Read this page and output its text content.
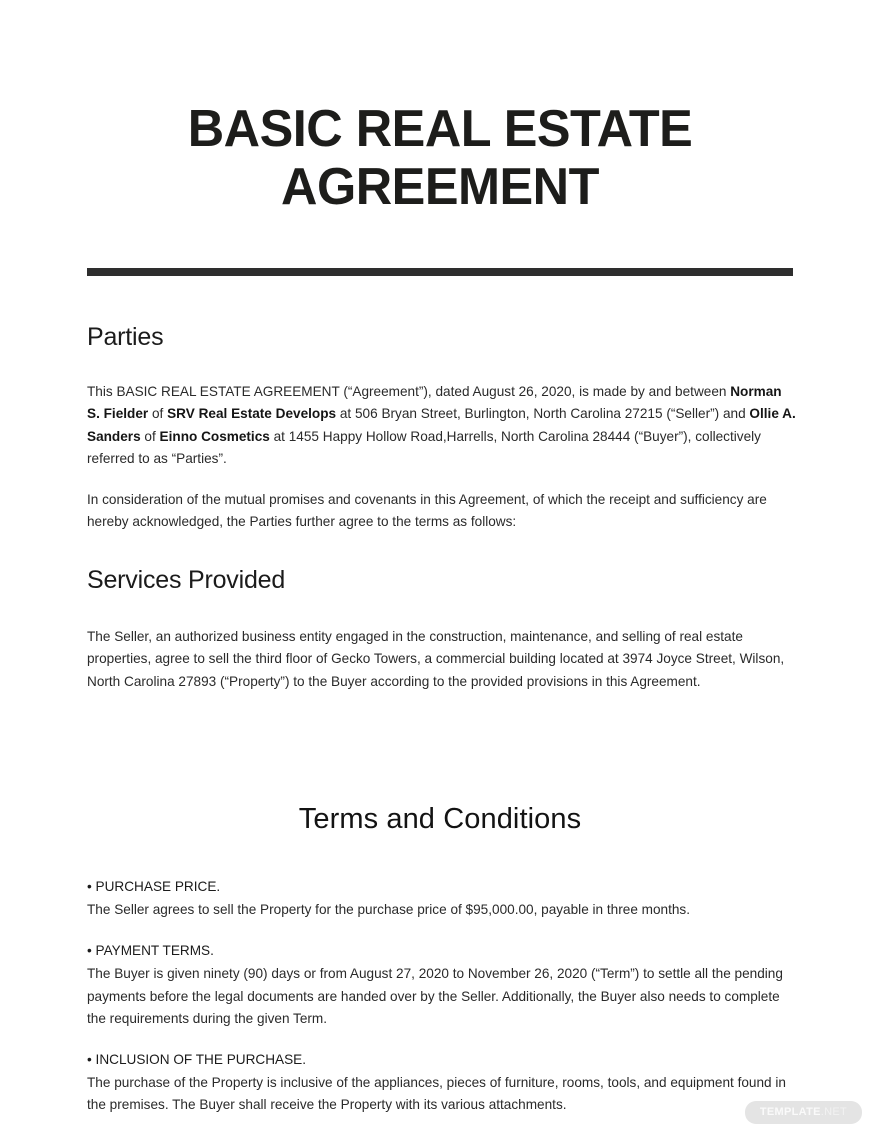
BASIC REAL ESTATE AGREEMENT
Parties

This BASIC REAL ESTATE AGREEMENT (“Agreement”), dated August 26, 2020, is made by and between Norman S. Fielder of SRV Real Estate Develops at 506 Bryan Street, Burlington, North Carolina 27215 (“Seller”) and Ollie A. Sanders of Einno Cosmetics at 1455 Happy Hollow Road,Harrells, North Carolina 28444 (“Buyer”), collectively referred to as “Parties”.

In consideration of the mutual promises and covenants in this Agreement, of which the receipt and sufficiency are hereby acknowledged, the Parties further agree to the terms as follows:

Services Provided

The Seller, an authorized business entity engaged in the construction, maintenance, and selling of real estate properties, agree to sell the third floor of Gecko Towers, a commercial building located at 3974 Joyce Street, Wilson, North Carolina 27893 (“Property”) to the Buyer according to the provided provisions in this Agreement.

Terms and Conditions

• PURCHASE PRICE.

The Seller agrees to sell the Property for the purchase price of $95,000.00, payable in three months.

• PAYMENT TERMS.

The Buyer is given ninety (90) days or from August 27, 2020 to November 26, 2020 (“Term”) to settle all the pending payments before the legal documents are handed over by the Seller. Additionally, the Buyer also needs to complete the requirements during the given Term.

• INCLUSION OF THE PURCHASE.

The purchase of the Property is inclusive of the appliances, pieces of furniture, rooms, tools, and equipment found in the premises. The Buyer shall receive the Property with its various attachments.	TEMPLATE.NET
